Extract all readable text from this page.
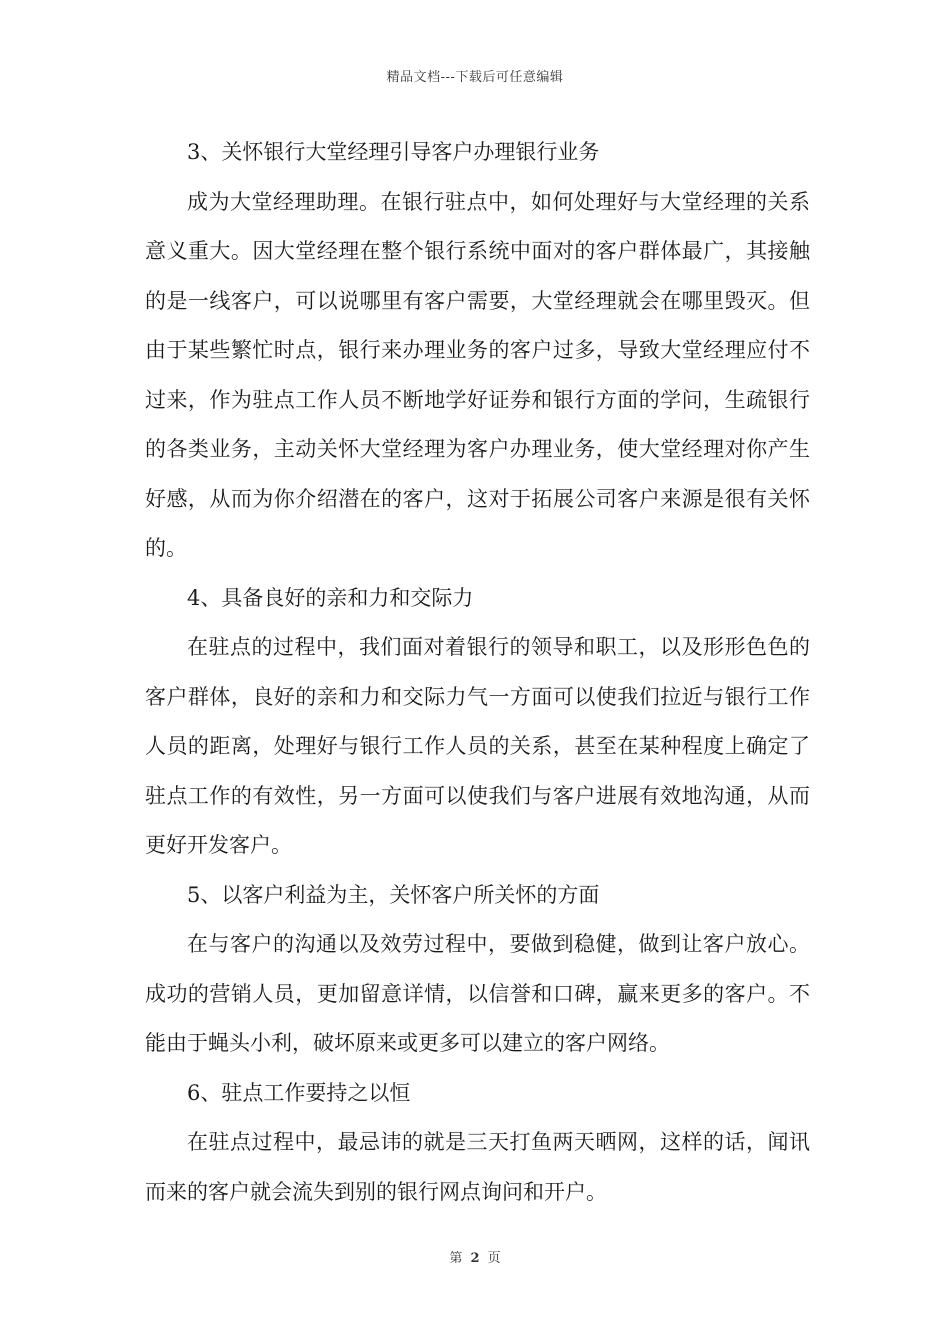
精品文档---下载后可任意编辑

3、关怀银行大堂经理引导客户办理银行业务

成为大堂经理助理。在银行驻点中，如何处理好与大堂经理的关系意义重大。因大堂经理在整个银行系统中面对的客户群体最广，其接触的是一线客户，可以说哪里有客户需要，大堂经理就会在哪里毁灭。但由于某些繁忙时点，银行来办理业务的客户过多，导致大堂经理应付不过来，作为驻点工作人员不断地学好证券和银行方面的学问，生疏银行的各类业务，主动关怀大堂经理为客户办理业务，使大堂经理对你产生好感，从而为你介绍潜在的客户，这对于拓展公司客户来源是很有关怀的。

4、具备良好的亲和力和交际力

在驻点的过程中，我们面对着银行的领导和职工，以及形形色色的客户群体，良好的亲和力和交际力气一方面可以使我们拉近与银行工作人员的距离，处理好与银行工作人员的关系，甚至在某种程度上确定了驻点工作的有效性，另一方面可以使我们与客户进展有效地沟通，从而更好开发客户。

5、以客户利益为主，关怀客户所关怀的方面

在与客户的沟通以及效劳过程中，要做到稳健，做到让客户放心。成功的营销人员，更加留意详情，以信誉和口碑，赢来更多的客户。不能由于蝇头小利，破坏原来或更多可以建立的客户网络。

6、驻点工作要持之以恒

在驻点过程中，最忌讳的就是三天打鱼两天晒网，这样的话，闻讯而来的客户就会流失到别的银行网点询问和开户。

第 2 页
